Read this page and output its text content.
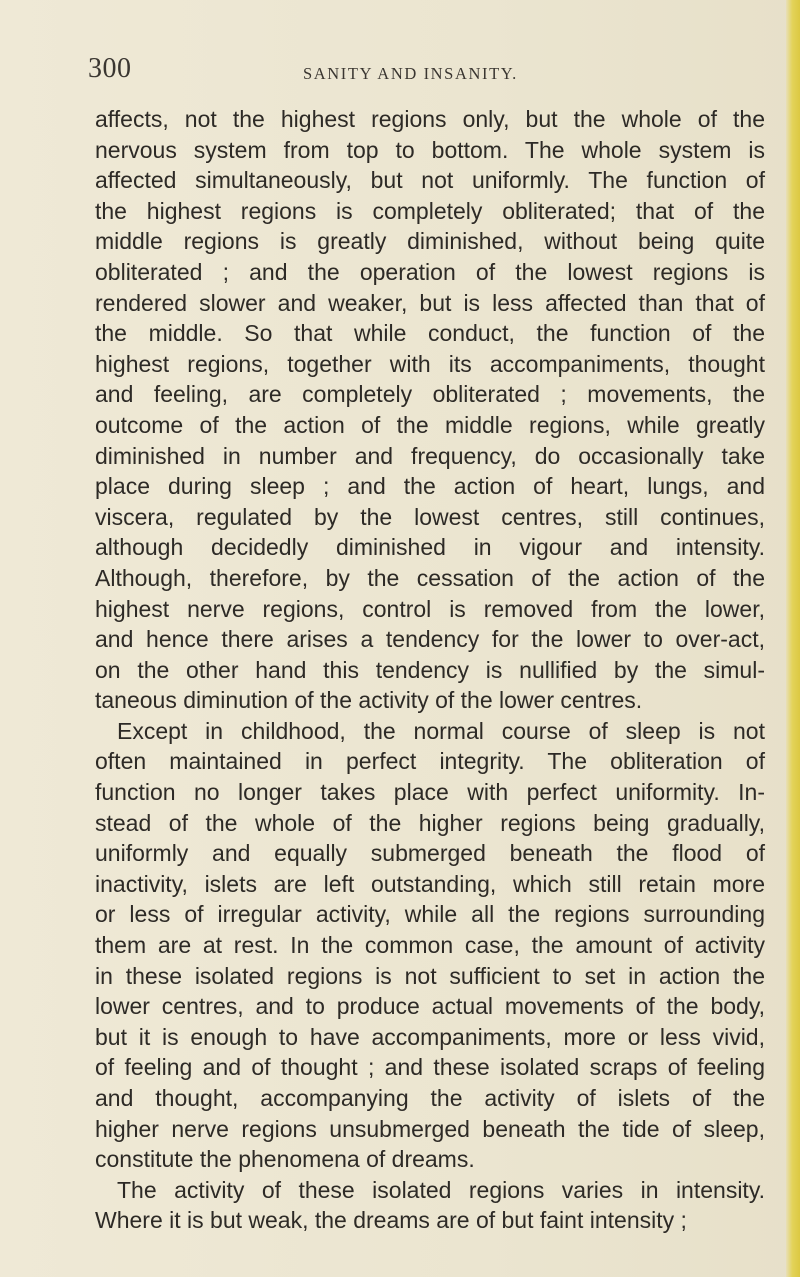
300	SANITY AND INSANITY.
affects, not the highest regions only, but the whole of the
nervous system from top to bottom. The whole system is
affected simultaneously, but not uniformly. The function of
the highest regions is completely obliterated; that of the
middle regions is greatly diminished, without being quite
obliterated ; and the operation of the lowest regions is
rendered slower and weaker, but is less affected than that of
the middle. So that while conduct, the function of the
highest regions, together with its accompaniments, thought
and feeling, are completely obliterated ; movements, the
outcome of the action of the middle regions, while greatly
diminished in number and frequency, do occasionally take
place during sleep ; and the action of heart, lungs, and
viscera, regulated by the lowest centres, still continues,
although decidedly diminished in vigour and intensity.
Although, therefore, by the cessation of the action of the
highest nerve regions, control is removed from the lower,
and hence there arises a tendency for the lower to over-act,
on the other hand this tendency is nullified by the simul-
taneous diminution of the activity of the lower centres.
Except in childhood, the normal course of sleep is not
often maintained in perfect integrity. The obliteration of
function no longer takes place with perfect uniformity. In-
stead of the whole of the higher regions being gradually,
uniformly and equally submerged beneath the flood of
inactivity, islets are left outstanding, which still retain more
or less of irregular activity, while all the regions surrounding
them are at rest. In the common case, the amount of activity
in these isolated regions is not sufficient to set in action the
lower centres, and to produce actual movements of the body,
but it is enough to have accompaniments, more or less vivid,
of feeling and of thought ; and these isolated scraps of feeling
and thought, accompanying the activity of islets of the
higher nerve regions unsubmerged beneath the tide of sleep,
constitute the phenomena of dreams.
The activity of these isolated regions varies in intensity.
Where it is but weak, the dreams are of but faint intensity ;
